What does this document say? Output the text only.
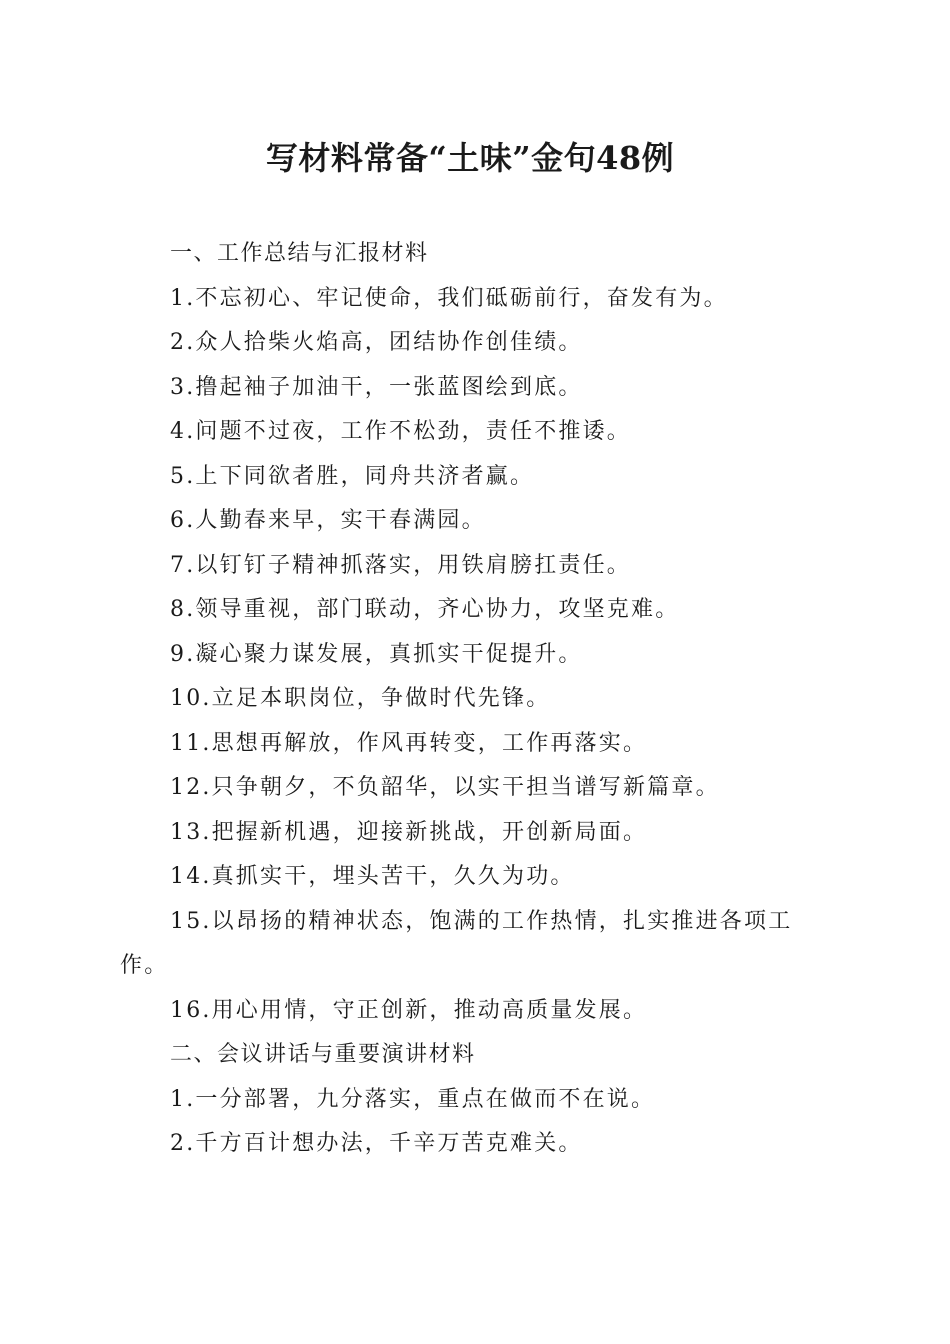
写材料常备“土味”金句48例

一、工作总结与汇报材料

1.不忘初心、牢记使命，我们砥砺前行，奋发有为。

2.众人拾柴火焰高，团结协作创佳绩。

3.撸起袖子加油干，一张蓝图绘到底。

4.问题不过夜，工作不松劲，责任不推诿。

5.上下同欲者胜，同舟共济者赢。

6.人勤春来早，实干春满园。

7.以钉钉子精神抓落实，用铁肩膀扛责任。

8.领导重视，部门联动，齐心协力，攻坚克难。

9.凝心聚力谋发展，真抓实干促提升。

10.立足本职岗位，争做时代先锋。

11.思想再解放，作风再转变，工作再落实。

12.只争朝夕，不负韶华，以实干担当谱写新篇章。

13.把握新机遇，迎接新挑战，开创新局面。

14.真抓实干，埋头苦干，久久为功。

15.以昂扬的精神状态，饱满的工作热情，扎实推进各项工作。

16.用心用情，守正创新，推动高质量发展。

二、会议讲话与重要演讲材料

1.一分部署，九分落实，重点在做而不在说。

2.千方百计想办法，千辛万苦克难关。
